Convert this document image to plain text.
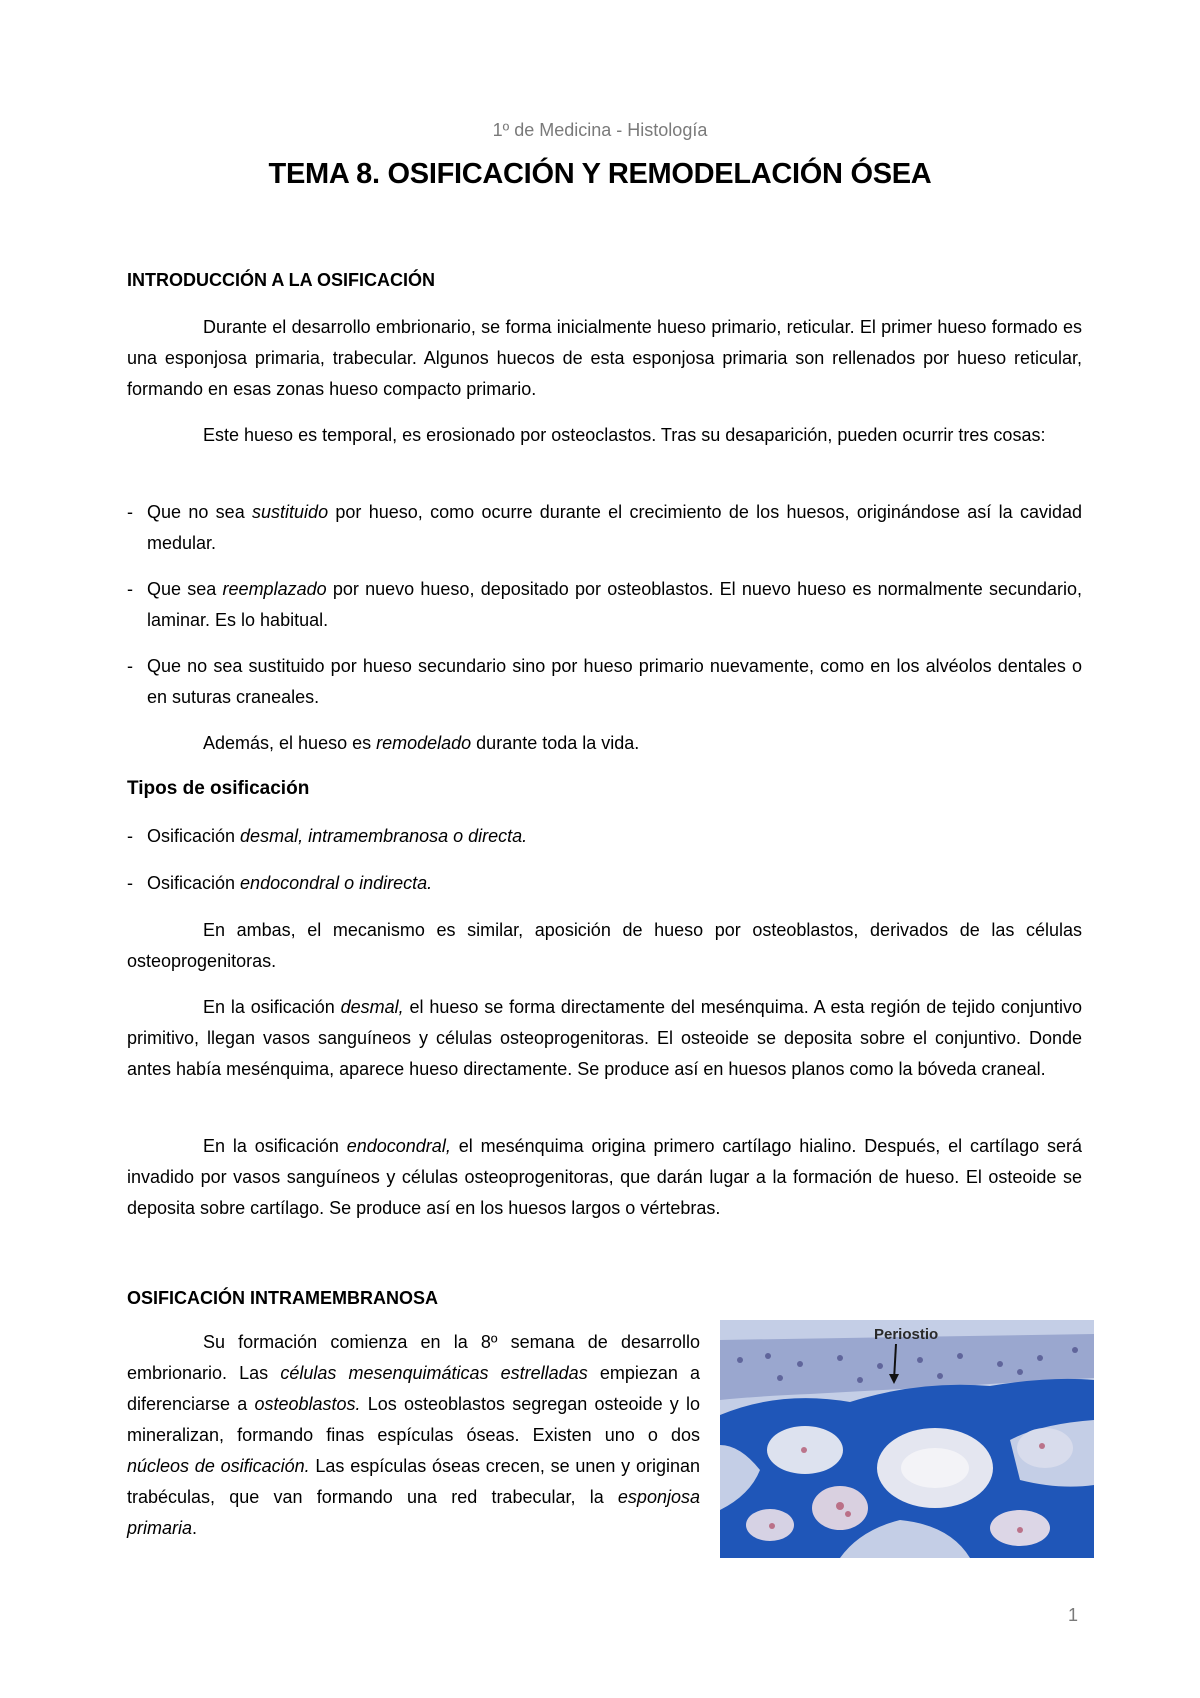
1º de Medicina - Histología
TEMA 8. OSIFICACIÓN Y REMODELACIÓN ÓSEA
INTRODUCCIÓN A LA OSIFICACIÓN
Durante el desarrollo embrionario, se forma inicialmente hueso primario, reticular. El primer hueso formado es una esponjosa primaria, trabecular. Algunos huecos de esta esponjosa primaria son rellenados por hueso reticular, formando en esas zonas hueso compacto primario.
Este hueso es temporal, es erosionado por osteoclastos. Tras su desaparición, pueden ocurrir tres cosas:
- Que no sea sustituido por hueso, como ocurre durante el crecimiento de los huesos, originándose así la cavidad medular.
- Que sea reemplazado por nuevo hueso, depositado por osteoblastos. El nuevo hueso es normalmente secundario, laminar. Es lo habitual.
- Que no sea sustituido por hueso secundario sino por hueso primario nuevamente, como en los alvéolos dentales o en suturas craneales.
Además, el hueso es remodelado durante toda la vida.
Tipos de osificación
- Osificación desmal, intramembranosa o directa.
- Osificación endocondral o indirecta.
En ambas, el mecanismo es similar, aposición de hueso por osteoblastos, derivados de las células osteoprogenitoras.
En la osificación desmal, el hueso se forma directamente del mesénquima. A esta región de tejido conjuntivo primitivo, llegan vasos sanguíneos y células osteoprogenitoras. El osteoide se deposita sobre el conjuntivo. Donde antes había mesénquima, aparece hueso directamente. Se produce así en huesos planos como la bóveda craneal.
En la osificación endocondral, el mesénquima origina primero cartílago hialino. Después, el cartílago será invadido por vasos sanguíneos y células osteoprogenitoras, que darán lugar a la formación de hueso. El osteoide se deposita sobre cartílago. Se produce así en los huesos largos o vértebras.
OSIFICACIÓN INTRAMEMBRANOSA
Su formación comienza en la 8º semana de desarrollo embrionario. Las células mesenquimáticas estrelladas empiezan a diferenciarse a osteoblastos. Los osteoblastos segregan osteoide y lo mineralizan, formando finas espículas óseas. Existen uno o dos núcleos de osificación. Las espículas óseas crecen, se unen y originan trabéculas, que van formando una red trabecular, la esponjosa primaria.
Periostio
1
